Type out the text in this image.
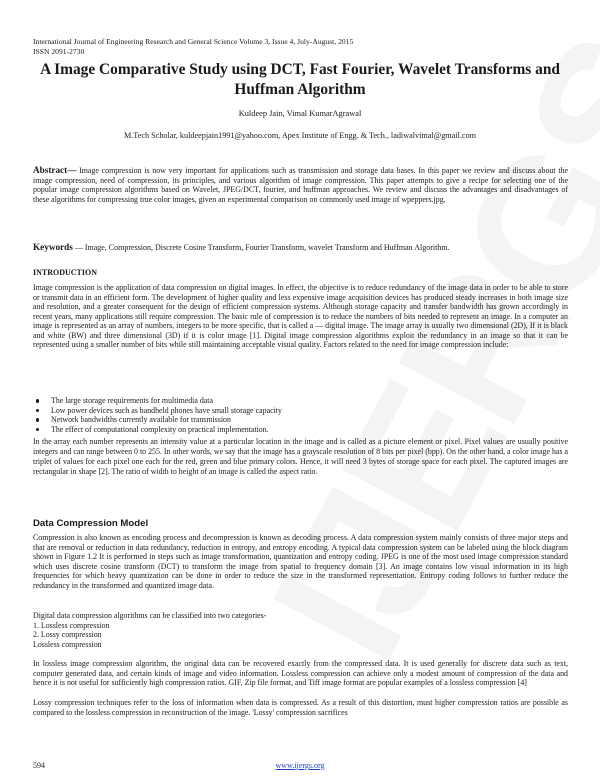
International Journal of Engineering Research and General Science Volume 3, Issue 4, July-August, 2015
ISSN 2091-2730
A Image Comparative Study using DCT, Fast Fourier, Wavelet Transforms and Huffman Algorithm
Kuldeep Jain, Vimal KumarAgrawal
M.Tech Scholar, kuldeepjain1991@yahoo.com, Apex Institute of Engg. & Tech., ladiwalvimal@gmail.com

Abstract— Image compression is now very important for applications such as transmission and storage data bases. In this paper we review and discuss about the image compression, need of compression, its principles, and various algorithm of image compression. This paper attempts to give a recipe for selecting one of the popular image compression algorithms based on Wavelet, JPEG/DCT, fourier, and huffman approaches. We review and discuss the advantages and disadvantages of these algorithms for compressing true color images, given an experimental comparison on commonly used image of wpeppers.jpg.

Keywords — Image, Compression, Discrete Cosine Transform, Fourier Transform, wavelet Transform and Huffman Algorithm.

INTRODUCTION

Image compression is the application of data compression on digital images. In effect, the objective is to reduce redundancy of the image data in order to be able to store or transmit data in an efficient form. The development of higher quality and less expensive image acquisition devices has produced steady increases in both image size and resolution, and a greater consequent for the design of efficient compression systems. Although storage capacity and transfer bandwidth has grown accordingly in recent years, many applications still require compression. The basic rule of compression is to reduce the numbers of bits needed to represent an image. In a computer an image is represented as an array of numbers, integers to be more specific, that is called a — digital image. The image array is usually two dimensional (2D), If it is black and white (BW) and three dimensional (3D) if it is color image [1]. Digital image compression algorithms exploit the redundancy in an image so that it can be represented using a smaller number of bits while still maintaining acceptable visual quality. Factors related to the need for image compression include:

The large storage requirements for multimedia data
Low power devices such as handheld phones have small storage capacity
Network bandwidths currently available for transmission
The effect of computational complexity on practical implementation.

In the array each number represents an intensity value at a particular location in the image and is called as a picture element or pixel. Pixel values are usually positive integers and can range between 0 to 255. In other words, we say that the image has a grayscale resolution of 8 bits per pixel (bpp). On the other hand, a color image has a triplet of values for each pixel one each for the red, green and blue primary colors. Hence, it will need 3 bytes of storage space for each pixel. The captured images are rectangular in shape [2]. The ratio of width to height of an image is called the aspect ratio.

Data Compression Model

Compression is also known as encoding process and decompression is known as decoding process. A data compression system mainly consists of three major steps and that are removal or reduction in data redundancy, reduction in entropy, and entropy encoding. A typical data compression system can be labeled using the block diagram shown in Figure 1.2 It is performed in steps such as image transformation, quantization and entropy coding. JPEG is one of the most used image compression standard which uses discrete cosine transform (DCT) to transform the image from spatial to frequency domain [3]. An image contains low visual information in its high frequencies for which heavy quantization can be done in order to reduce the size in the transformed representation. Entropy coding follows to further reduce the redundancy in the transformed and quantized image data.

Digital data compression algorithms can be classified into two categories-
1. Lossless compression
2. Lossy compression
Lossless compression

In lossless image compression algorithm, the original data can be recovered exactly from the compressed data. It is used generally for discrete data such as text, computer generated data, and certain kinds of image and video information. Lossless compression can achieve only a modest amount of compression of the data and hence it is not useful for sufficiently high compression ratios. GIF, Zip file format, and Tiff image format are popular examples of a lossless compression [4]

Lossy compression techniques refer to the loss of information when data is compressed. As a result of this distortion, must higher compression ratios are possible as compared to the lossless compression in reconstruction of the image. 'Lossy' compression sacrifices

594	www.ijergs.org
